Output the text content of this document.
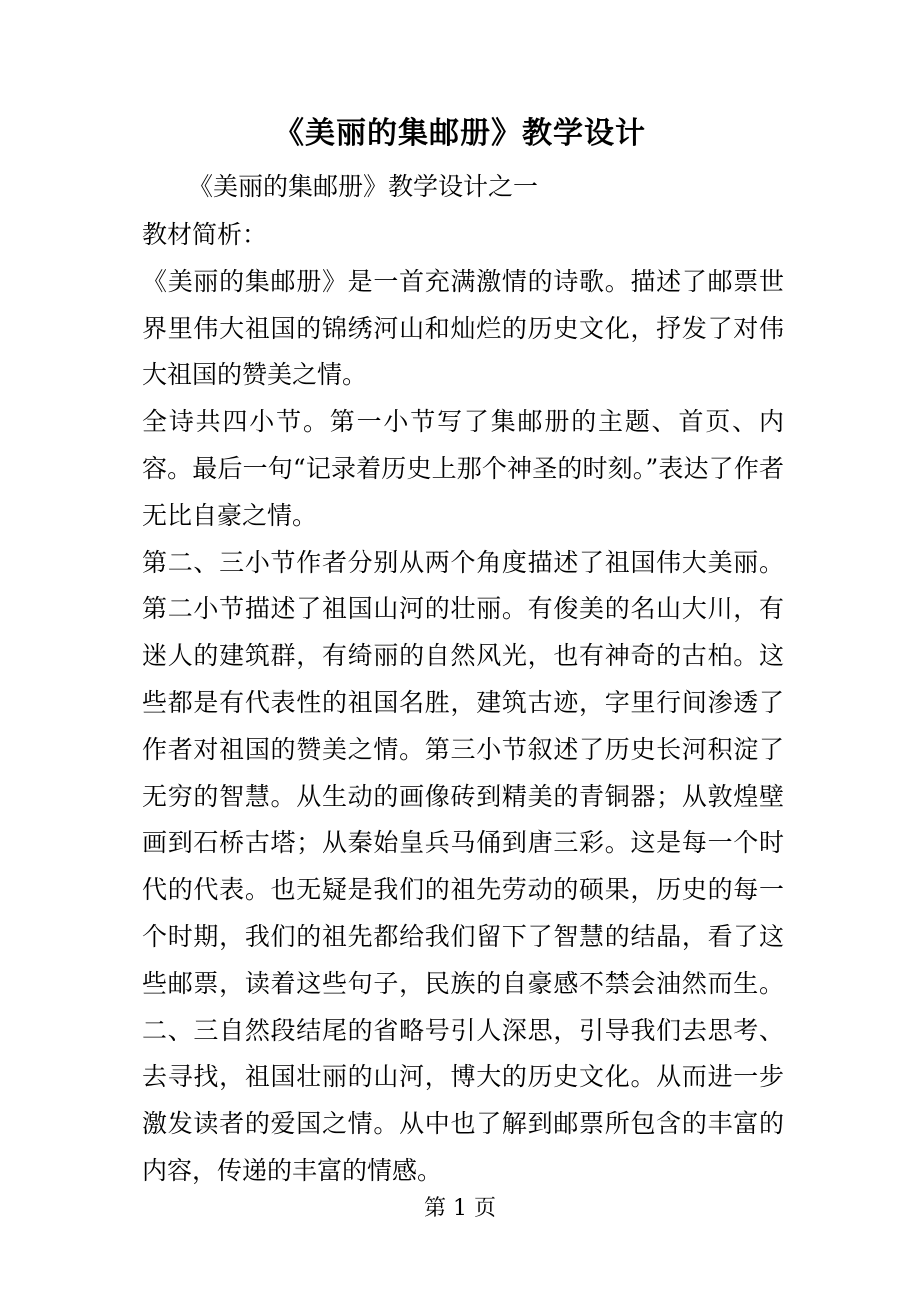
《美丽的集邮册》教学设计
《美丽的集邮册》教学设计之一

教材简析：

《美丽的集邮册》是一首充满激情的诗歌。描述了邮票世界里伟大祖国的锦绣河山和灿烂的历史文化，抒发了对伟大祖国的赞美之情。

全诗共四小节。第一小节写了集邮册的主题、首页、内容。最后一句“记录着历史上那个神圣的时刻。”表达了作者无比自豪之情。

第二、三小节作者分别从两个角度描述了祖国伟大美丽。第二小节描述了祖国山河的壮丽。有俊美的名山大川，有迷人的建筑群，有绮丽的自然风光，也有神奇的古柏。这些都是有代表性的祖国名胜，建筑古迹，字里行间渗透了作者对祖国的赞美之情。第三小节叙述了历史长河积淀了无穷的智慧。从生动的画像砖到精美的青铜器；从敦煌壁画到石桥古塔；从秦始皇兵马俑到唐三彩。这是每一个时代的代表。也无疑是我们的祖先劳动的硕果，历史的每一个时期，我们的祖先都给我们留下了智慧的结晶，看了这些邮票，读着这些句子，民族的自豪感不禁会油然而生。二、三自然段结尾的省略号引人深思，引导我们去思考、去寻找，祖国壮丽的山河，博大的历史文化。从而进一步激发读者的爱国之情。从中也了解到邮票所包含的丰富的内容，传递的丰富的情感。

第 1 页
